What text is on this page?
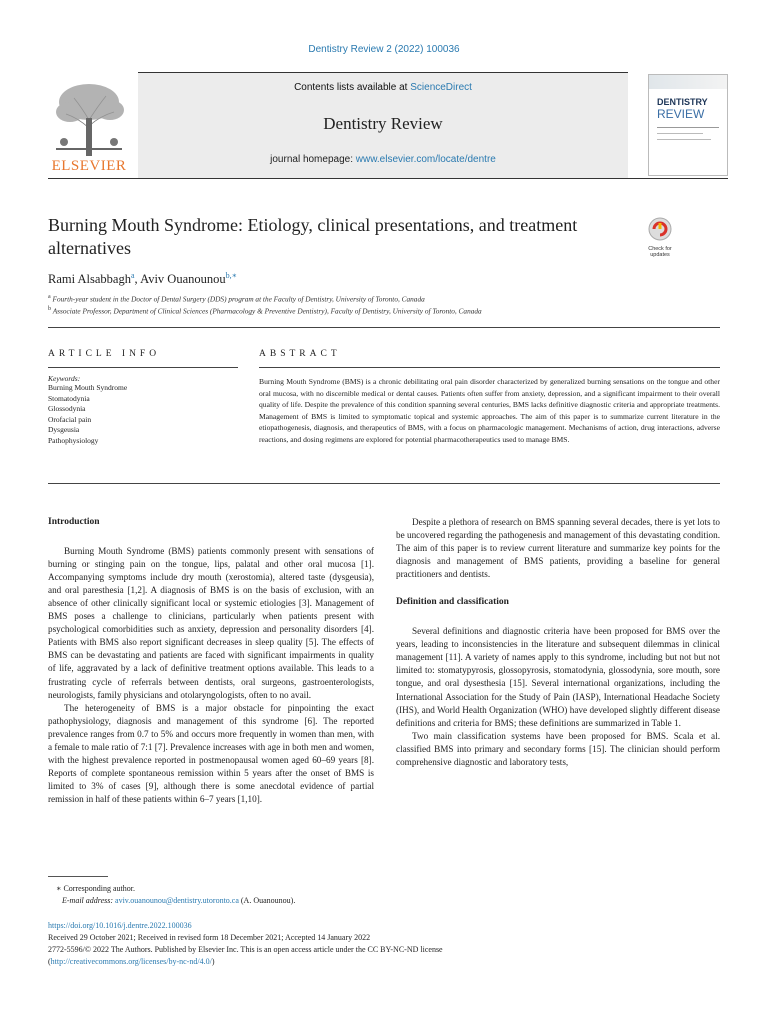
Dentistry Review 2 (2022) 100036
ELSEVIER
Contents lists available at ScienceDirect
Dentistry Review
journal homepage: www.elsevier.com/locate/dentre
DENTISTRY
REVIEW
Burning Mouth Syndrome: Etiology, clinical presentations, and treatment alternatives	Check for updates
Rami Alsabbagh$^a$, Aviv Ouanounou$^{b,∗}$
$^a$ Fourth-year student in the Doctor of Dental Surgery (DDS) program at the Faculty of Dentistry, University of Toronto, Canada
$^b$ Associate Professor, Department of Clinical Sciences (Pharmacology & Preventive Dentistry), Faculty of Dentistry, University of Toronto, Canada
ARTICLE INFO	ABSTRACT
Keywords:
Burning Mouth Syndrome
Stomatodynia
Glossodynia
Orofacial pain
Dysgeusia
Pathophysiology
Burning Mouth Syndrome (BMS) is a chronic debilitating oral pain disorder characterized by generalized burning sensations on the tongue and other oral mucosa, with no discernible medical or dental causes. Patients often suffer from anxiety, depression, and a significant impairment to their overall quality of life. Despite the prevalence of this condition spanning several centuries, BMS lacks definitive diagnostic criteria and appropriate treatments. Management of BMS is limited to symptomatic topical and systemic approaches. The aim of this paper is to summarize current literature in the etiopathogenesis, diagnosis, and therapeutics of BMS, with a focus on pharmacologic management. Mechanisms of action, drug interactions, adverse reactions, and dosing regimens are explored for potential pharmacotherapeutics used to manage BMS.
Introduction

Burning Mouth Syndrome (BMS) patients commonly present with sensations of burning or stinging pain on the tongue, lips, palatal and other oral mucosa [1]. Accompanying symptoms include dry mouth (xerostomia), altered taste (dysgeusia), and oral paresthesia [1,2]. A diagnosis of BMS is on the basis of exclusion, with an absence of other clinically significant local or systemic etiologies [3]. Management of BMS poses a challenge to clinicians, particularly when patients present with psychological comorbidities such as anxiety, depression and personality disorders [4]. Patients with BMS also report significant decreases in sleep quality [5]. The effects of BMS can be devastating and patients are faced with significant impairments in quality of life, aggravated by a lack of definitive treatment options available. This leads to a frustrating cycle of referrals between dentists, oral surgeons, gastroenterologists, neurologists, family physicians and otolaryngologists, often to no avail.

The heterogeneity of BMS is a major obstacle for pinpointing the exact pathophysiology, diagnosis and management of this syndrome [6]. The reported prevalence ranges from 0.7 to 5% and occurs more frequently in women than men, with a female to male ratio of 7:1 [7]. Prevalence increases with age in both men and women, with the highest prevalence reported in postmenopausal women aged 60–69 years [8]. Reports of complete spontaneous remission within 5 years after the onset of BMS is limited to 3% of cases [9], although there is some anecdotal evidence of partial remission in half of these patients within 6–7 years [1,10].

Despite a plethora of research on BMS spanning several decades, there is yet lots to be uncovered regarding the pathogenesis and management of this devastating condition. The aim of this paper is to review current literature and summarize key points for the diagnosis and management of BMS patients, providing a baseline for general practitioners and dentists.

Definition and classification

Several definitions and diagnostic criteria have been proposed for BMS over the years, leading to inconsistencies in the literature and subsequent dilemmas in clinical management [11]. A variety of names apply to this syndrome, including but not but not limited to: stomatypyrosis, glossopyrosis, stomatodynia, glossodynia, sore mouth, sore tongue, and oral dysesthesia [15]. Several international organizations, including the International Association for the Study of Pain (IASP), International Headache Society (IHS), and World Health Organization (WHO) have developed slightly different disease definitions and criteria for BMS; these definitions are summarized in Table 1.

Two main classification systems have been proposed for BMS. Scala et al. classified BMS into primary and secondary forms [15]. The clinician should perform comprehensive diagnostic and laboratory tests,

∗ Corresponding author.
E-mail address: aviv.ouanounou@dentistry.utoronto.ca (A. Ouanounou).
https://doi.org/10.1016/j.dentre.2022.100036
Received 29 October 2021; Received in revised form 18 December 2021; Accepted 14 January 2022
2772-5596/© 2022 The Authors. Published by Elsevier Inc. This is an open access article under the CC BY-NC-ND license
(http://creativecommons.org/licenses/by-nc-nd/4.0/)
